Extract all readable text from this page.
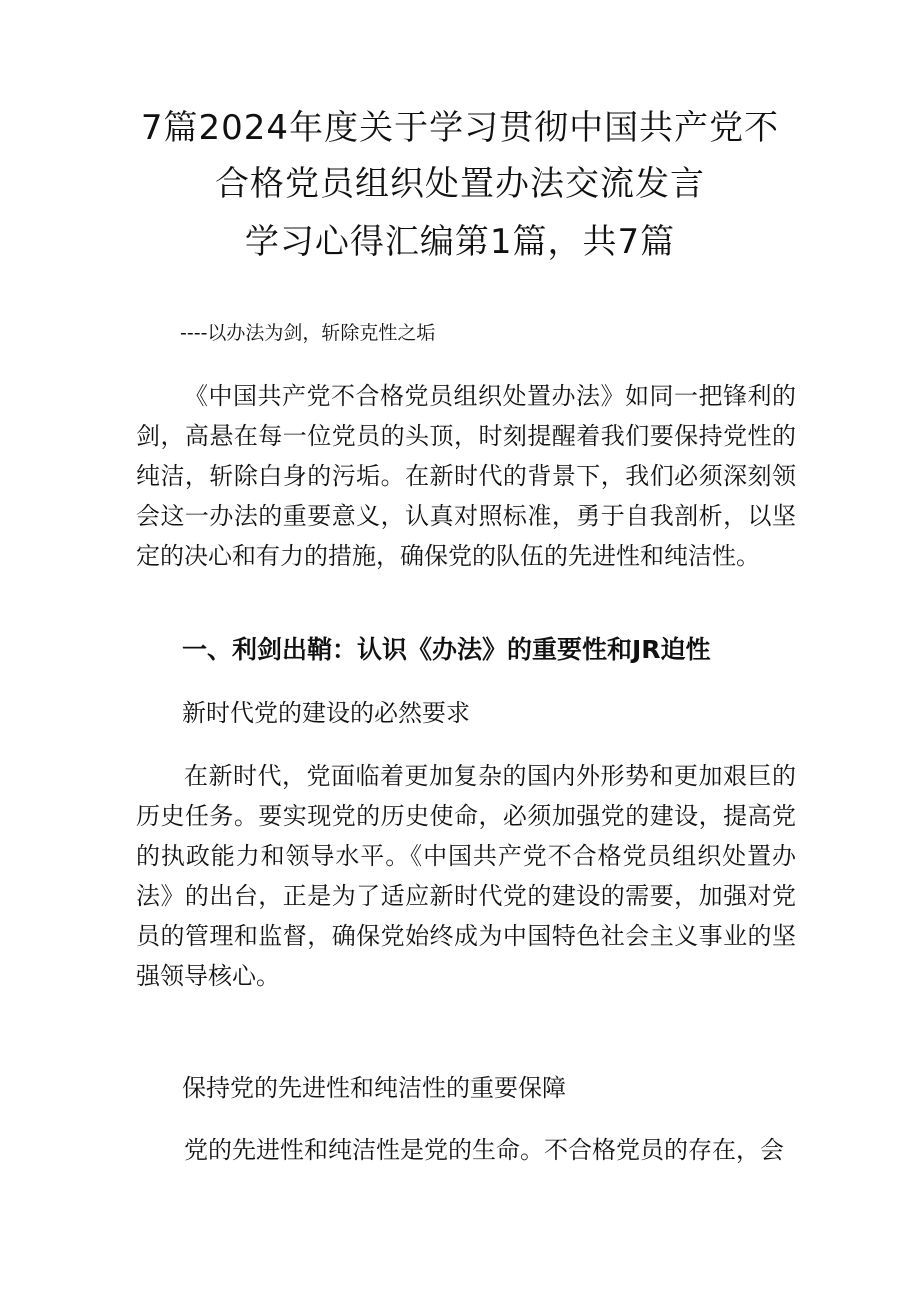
7篇2024年度关于学习贯彻中国共产党不
合格党员组织处置办法交流发言
学习心得汇编第1篇，共7篇
----以办法为剑，斩除克性之垢

《中国共产党不合格党员组织处置办法》如同一把锋利的剑，高悬在每一位党员的头顶，时刻提醒着我们要保持党性的纯洁，斩除白身的污垢。在新时代的背景下，我们必须深刻领会这一办法的重要意义，认真对照标准，勇于自我剖析，以坚定的决心和有力的措施，确保党的队伍的先进性和纯洁性。

一、利剑出鞘：认识《办法》的重要性和JR迫性

新时代党的建设的必然要求

在新时代，党面临着更加复杂的国内外形势和更加艰巨的历史任务。要实现党的历史使命，必须加强党的建设，提高党的执政能力和领导水平。《中国共产党不合格党员组织处置办法》的出台，正是为了适应新时代党的建设的需要，加强对党员的管理和监督，确保党始终成为中国特色社会主义事业的坚强领导核心。

保持党的先进性和纯洁性的重要保障

党的先进性和纯洁性是党的生命。不合格党员的存在，会
